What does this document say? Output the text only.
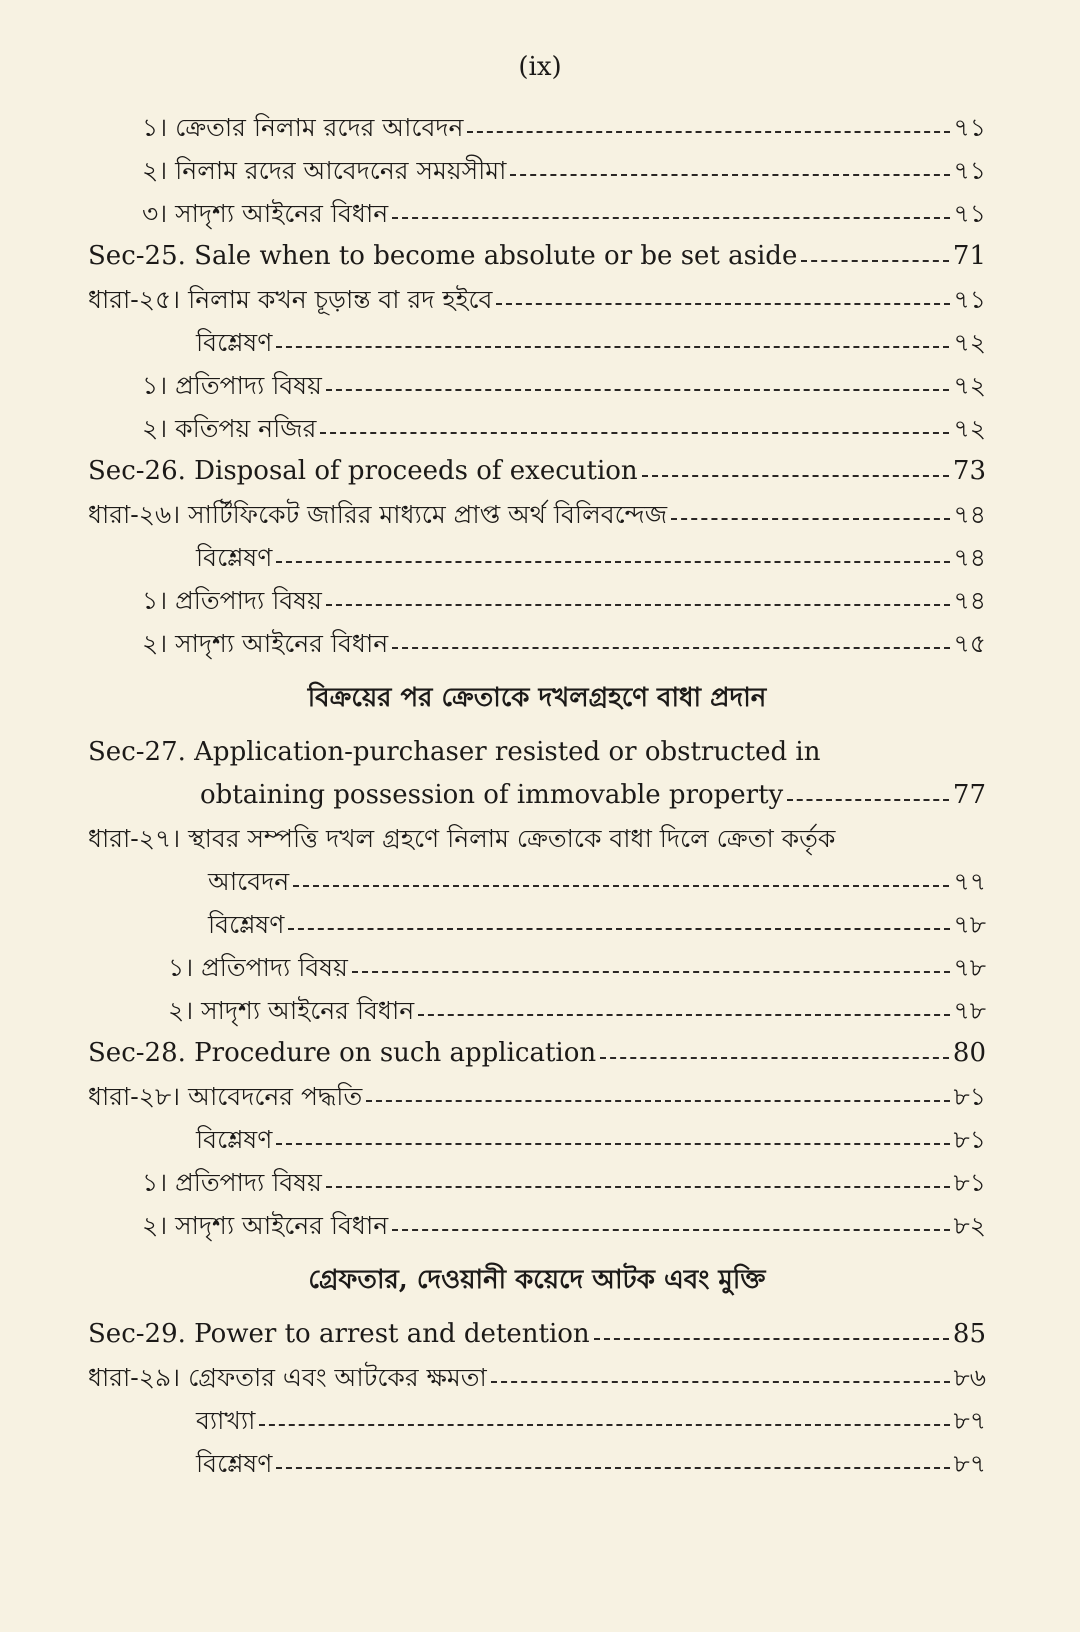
(ix)
১। ক্রেতার নিলাম রদের আবেদন	৭১
২। নিলাম রদের আবেদনের সময়সীমা	৭১
৩। সাদৃশ্য আইনের বিধান	৭১
Sec-25. Sale when to become absolute or be set aside	71
ধারা-২৫। নিলাম কখন চূড়ান্ত বা রদ হইবে	৭১
বিশ্লেষণ	৭২
১। প্রতিপাদ্য বিষয়	৭২
২। কতিপয় নজির	৭২
Sec-26. Disposal of proceeds of execution	73
ধারা-২৬। সার্টিফিকেট জারির মাধ্যমে প্রাপ্ত অর্থ বিলিবন্দেজ	৭৪
বিশ্লেষণ	৭৪
১। প্রতিপাদ্য বিষয়	৭৪
২। সাদৃশ্য আইনের বিধান	৭৫
বিক্রয়ের পর ক্রেতাকে দখলগ্রহণে বাধা প্রদান
Sec-27. Application-purchaser resisted or obstructed in
obtaining possession of immovable property	77
ধারা-২৭। স্থাবর সম্পত্তি দখল গ্রহণে নিলাম ক্রেতাকে বাধা দিলে ক্রেতা কর্তৃক
আবেদন	৭৭
বিশ্লেষণ	৭৮
১। প্রতিপাদ্য বিষয়	৭৮
২। সাদৃশ্য আইনের বিধান	৭৮
Sec-28. Procedure on such application	80
ধারা-২৮। আবেদনের পদ্ধতি	৮১
বিশ্লেষণ	৮১
১। প্রতিপাদ্য বিষয়	৮১
২। সাদৃশ্য আইনের বিধান	৮২
গ্রেফতার, দেওয়ানী কয়েদে আটক এবং মুক্তি
Sec-29. Power to arrest and detention	85
ধারা-২৯। গ্রেফতার এবং আটকের ক্ষমতা	৮৬
ব্যাখ্যা	৮৭
বিশ্লেষণ	৮৭
